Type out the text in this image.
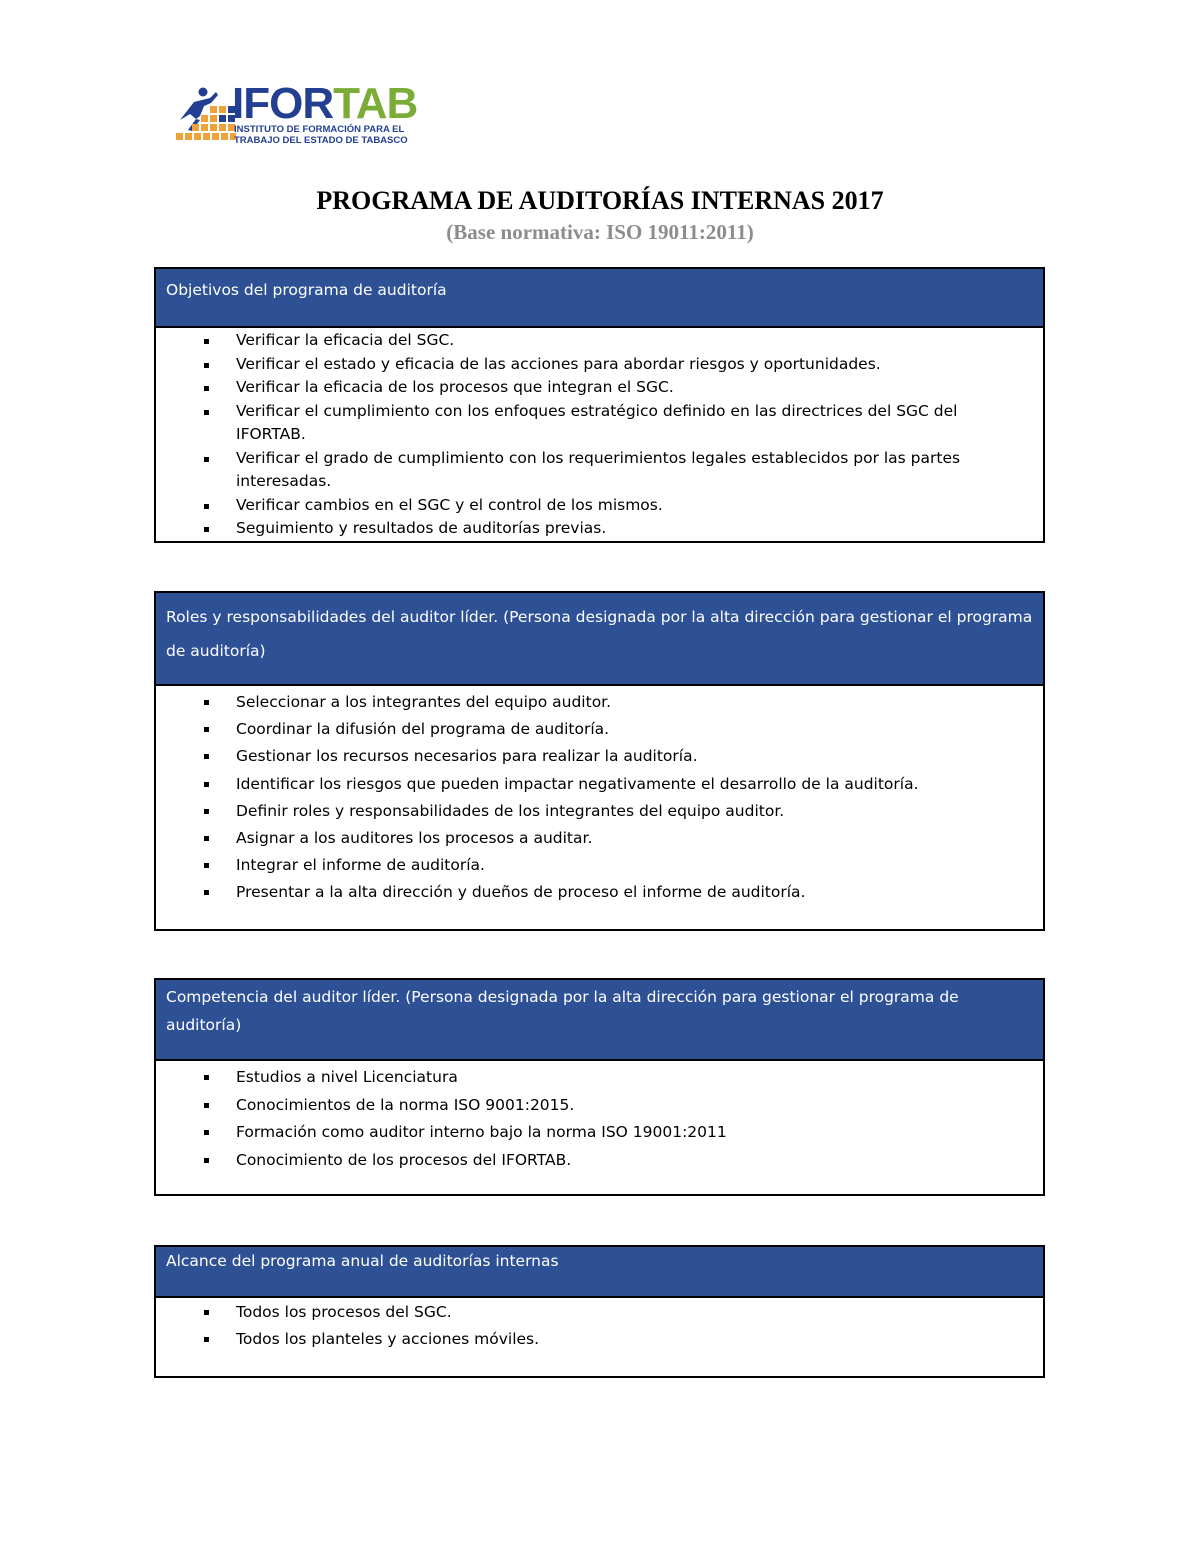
IFORTAB
INSTITUTO DE FORMACIÓN PARA EL
TRABAJO DEL ESTADO DE TABASCO
PROGRAMA DE AUDITORÍAS INTERNAS 2017
(Base normativa: ISO 19011:2011)
Objetivos del programa de auditoría
Verificar la eficacia del SGC.
Verificar el estado y eficacia de las acciones para abordar riesgos y oportunidades.
Verificar la eficacia de los procesos que integran el SGC.
Verificar el cumplimiento con los enfoques estratégico definido en las directrices del SGC del IFORTAB.
Verificar el grado de cumplimiento con los requerimientos legales establecidos por las partes interesadas.
Verificar cambios en el SGC y el control de los mismos.
Seguimiento y resultados de auditorías previas.
Roles y responsabilidades del auditor líder. (Persona designada por la alta dirección para gestionar el programa de auditoría)
Seleccionar a los integrantes del equipo auditor.
Coordinar la difusión del programa de auditoría.
Gestionar los recursos necesarios para realizar la auditoría.
Identificar los riesgos que pueden impactar negativamente el desarrollo de la auditoría.
Definir roles y responsabilidades de los integrantes del equipo auditor.
Asignar a los auditores los procesos a auditar.
Integrar el informe de auditoría.
Presentar a la alta dirección y dueños de proceso el informe de auditoría.
Competencia del auditor líder. (Persona designada por la alta dirección para gestionar el programa de auditoría)
Estudios a nivel Licenciatura
Conocimientos de la norma ISO 9001:2015.
Formación como auditor interno bajo la norma ISO 19001:2011
Conocimiento de los procesos del IFORTAB.
Alcance del programa anual de auditorías internas
Todos los procesos del SGC.
Todos los planteles y acciones móviles.
